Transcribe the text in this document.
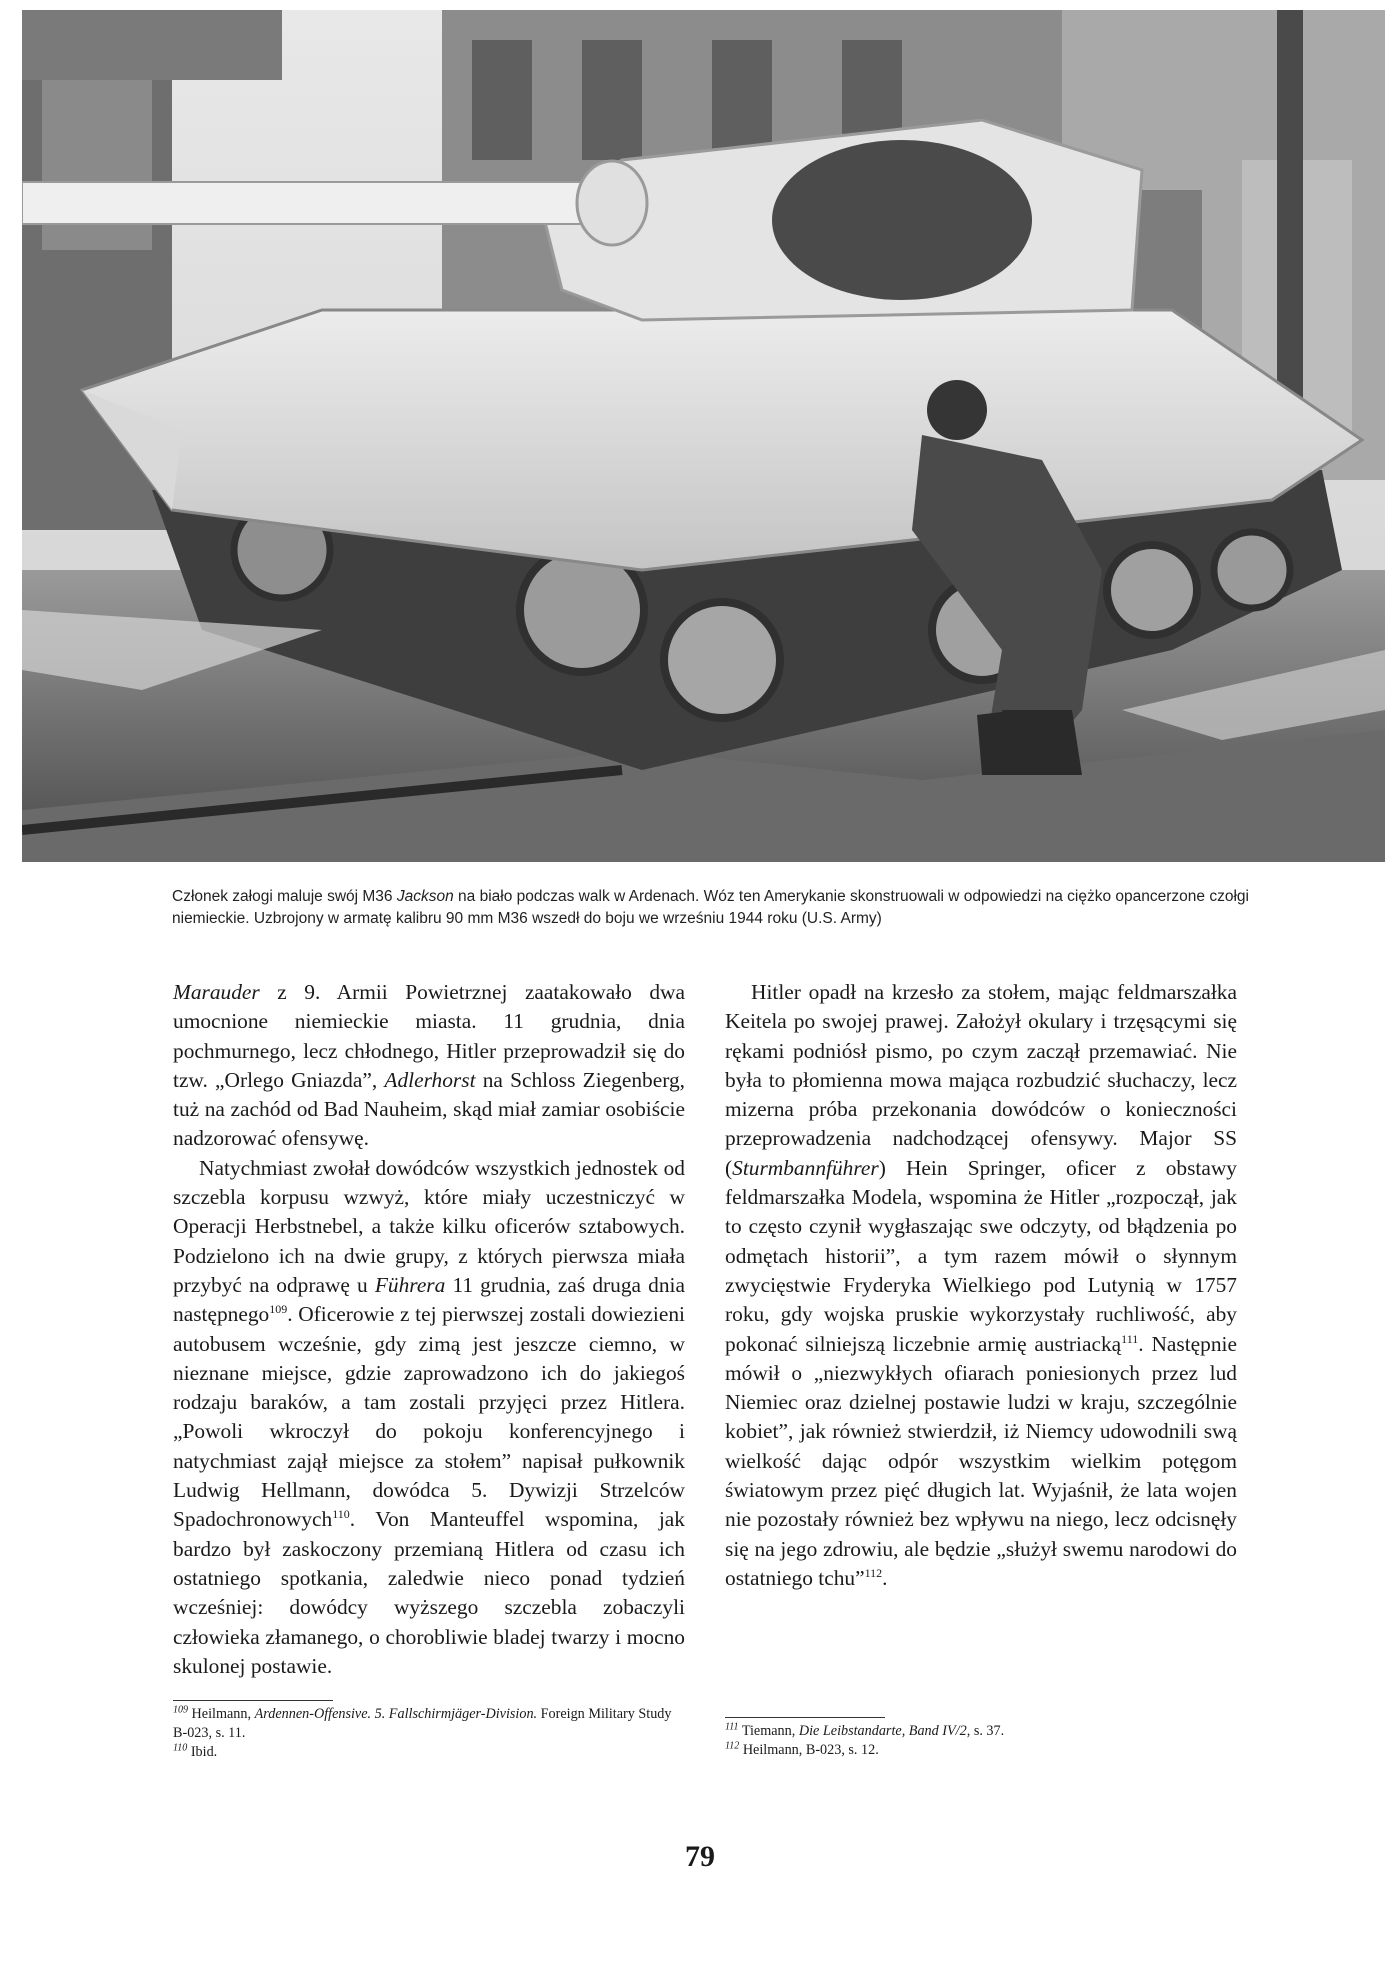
Członek załogi maluje swój M36 Jackson na biało podczas walk w Ardenach. Wóz ten Amerykanie skonstruowali w odpowiedzi na ciężko opancerzone czołgi niemieckie. Uzbrojony w armatę kalibru 90 mm M36 wszedł do boju we wrześniu 1944 roku (U.S. Army)

Marauder z 9. Armii Powietrznej zaatakowało dwa umocnione niemieckie miasta. 11 grudnia, dnia pochmurnego, lecz chłodnego, Hitler przeprowadził się do tzw. „Orlego Gniazda”, Adlerhorst na Schloss Ziegenberg, tuż na zachód od Bad Nauheim, skąd miał zamiar osobiście nadzorować ofensywę.

Natychmiast zwołał dowódców wszystkich jednostek od szczebla korpusu wzwyż, które miały uczestniczyć w Operacji Herbstnebel, a także kilku oficerów sztabowych. Podzielono ich na dwie grupy, z których pierwsza miała przybyć na odprawę u Führera 11 grudnia, zaś druga dnia następnego$^{109}$. Oficerowie z tej pierwszej zostali dowiezieni autobusem wcześnie, gdy zimą jest jeszcze ciemno, w nieznane miejsce, gdzie zaprowadzono ich do jakiegoś rodzaju baraków, a tam zostali przyjęci przez Hitlera. „Powoli wkroczył do pokoju konferencyjnego i natychmiast zajął miejsce za stołem” napisał pułkownik Ludwig Hellmann, dowódca 5. Dywizji Strzelców Spadochronowych$^{110}$. Von Manteuffel wspomina, jak bardzo był zaskoczony przemianą Hitlera od czasu ich ostatniego spotkania, zaledwie nieco ponad tydzień wcześniej: dowódcy wyższego szczebla zobaczyli człowieka złamanego, o chorobliwie bladej twarzy i mocno skulonej postawie.

Hitler opadł na krzesło za stołem, mając feldmarszałka Keitela po swojej prawej. Założył okulary i trzęsącymi się rękami podniósł pismo, po czym zaczął przemawiać. Nie była to płomienna mowa mająca rozbudzić słuchaczy, lecz mizerna próba przekonania dowódców o konieczności przeprowadzenia nadchodzącej ofensywy. Major SS (Sturmbannführer) Hein Springer, oficer z obstawy feldmarszałka Modela, wspomina że Hitler „rozpoczął, jak to często czynił wygłaszając swe odczyty, od błądzenia po odmętach historii”, a tym razem mówił o słynnym zwycięstwie Fryderyka Wielkiego pod Lutynią w 1757 roku, gdy wojska pruskie wykorzystały ruchliwość, aby pokonać silniejszą liczebnie armię austriacką$^{111}$. Następnie mówił o „niezwykłych ofiarach poniesionych przez lud Niemiec oraz dzielnej postawie ludzi w kraju, szczególnie kobiet”, jak również stwierdził, iż Niemcy udowodnili swą wielkość dając odpór wszystkim wielkim potęgom światowym przez pięć długich lat. Wyjaśnił, że lata wojen nie pozostały również bez wpływu na niego, lecz odcisnęły się na jego zdrowiu, ale będzie „służył swemu narodowi do ostatniego tchu”$^{112}$.

$^{109}$ Heilmann, Ardennen-Offensive. 5. Fallschirmjäger-Division. Foreign Military Study B-023, s. 11.

$^{110}$ Ibid.

$^{111}$ Tiemann, Die Leibstandarte, Band IV/2, s. 37.

$^{112}$ Heilmann, B-023, s. 12.

79
